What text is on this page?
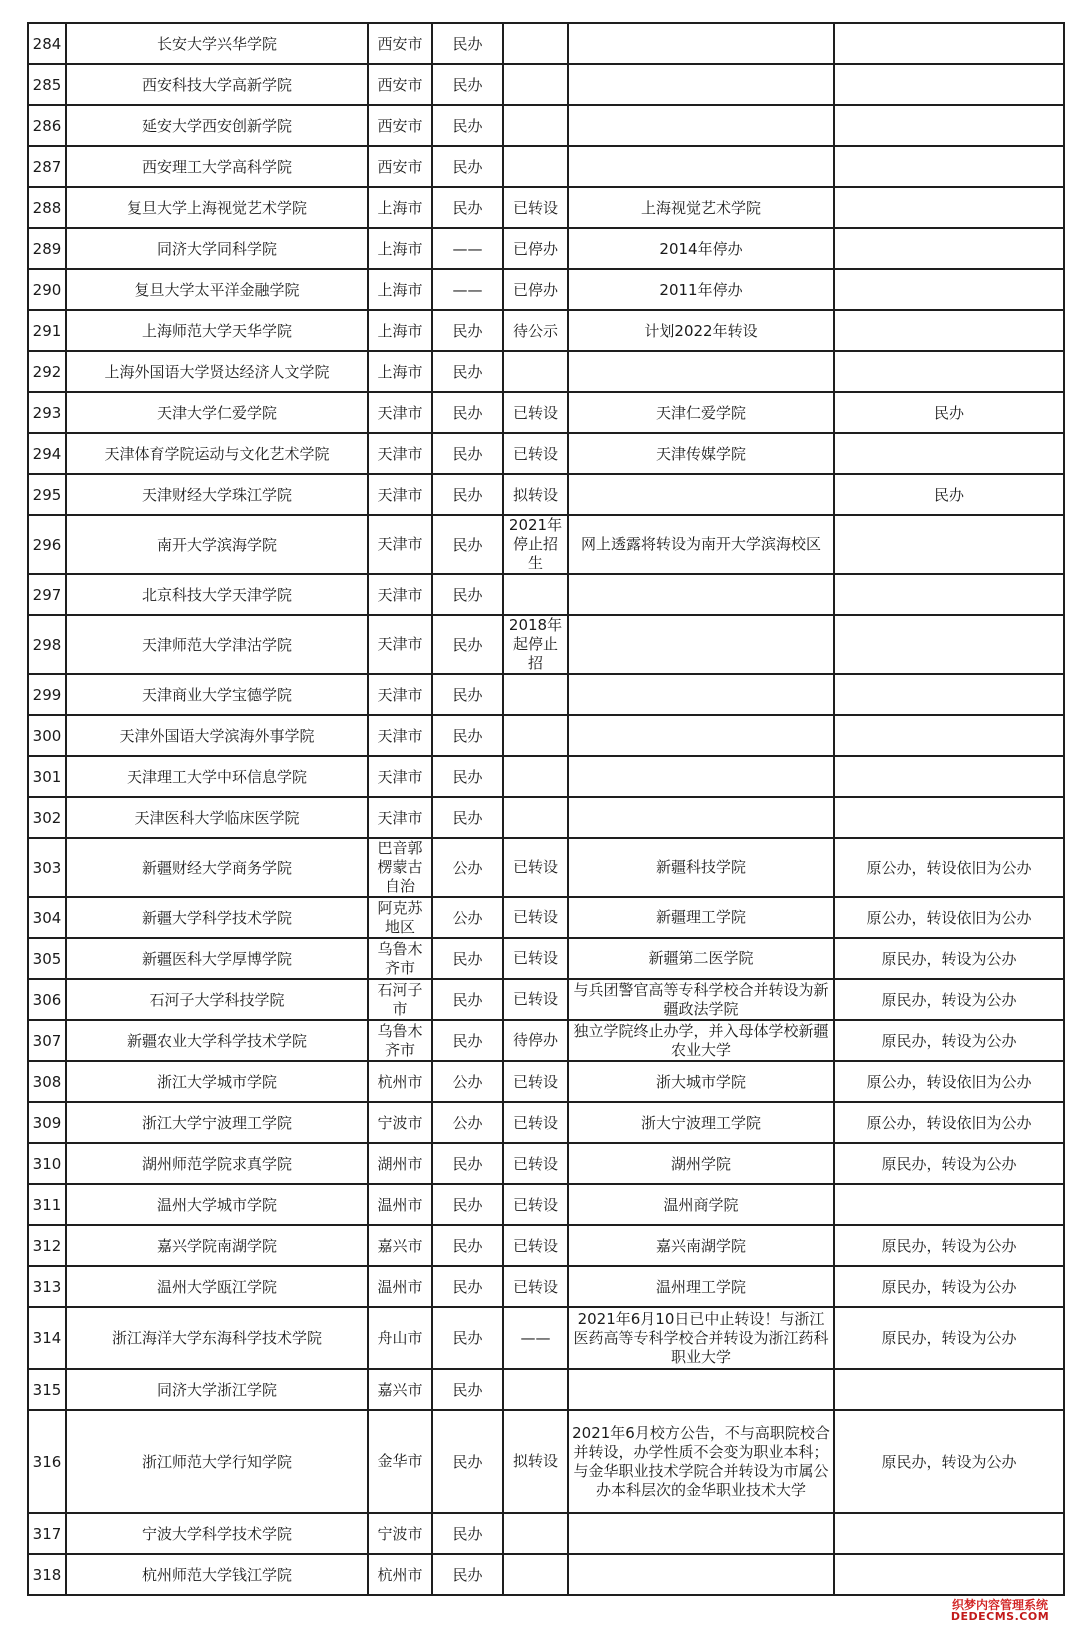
284	长安大学兴华学院	西安市	民办			
285	西安科技大学高新学院	西安市	民办			
286	延安大学西安创新学院	西安市	民办			
287	西安理工大学高科学院	西安市	民办			
288	复旦大学上海视觉艺术学院	上海市	民办	已转设	上海视觉艺术学院	
289	同济大学同科学院	上海市	——	已停办	2014年停办	
290	复旦大学太平洋金融学院	上海市	——	已停办	2011年停办	
291	上海师范大学天华学院	上海市	民办	待公示	计划2022年转设	
292	上海外国语大学贤达经济人文学院	上海市	民办			
293	天津大学仁爱学院	天津市	民办	已转设	天津仁爱学院	民办
294	天津体育学院运动与文化艺术学院	天津市	民办	已转设	天津传媒学院	
295	天津财经大学珠江学院	天津市	民办	拟转设		民办
296	南开大学滨海学院	天津市	民办	2021年停止招生	网上透露将转设为南开大学滨海校区	
297	北京科技大学天津学院	天津市	民办			
298	天津师范大学津沽学院	天津市	民办	2018年起停止招		
299	天津商业大学宝德学院	天津市	民办			
300	天津外国语大学滨海外事学院	天津市	民办			
301	天津理工大学中环信息学院	天津市	民办			
302	天津医科大学临床医学院	天津市	民办			
303	新疆财经大学商务学院	巴音郭楞蒙古自治	公办	已转设	新疆科技学院	原公办，转设依旧为公办
304	新疆大学科学技术学院	阿克苏地区	公办	已转设	新疆理工学院	原公办，转设依旧为公办
305	新疆医科大学厚博学院	乌鲁木齐市	民办	已转设	新疆第二医学院	原民办，转设为公办
306	石河子大学科技学院	石河子市	民办	已转设	与兵团警官高等专科学校合并转设为新疆政法学院	原民办，转设为公办
307	新疆农业大学科学技术学院	乌鲁木齐市	民办	待停办	独立学院终止办学，并入母体学校新疆农业大学	原民办，转设为公办
308	浙江大学城市学院	杭州市	公办	已转设	浙大城市学院	原公办，转设依旧为公办
309	浙江大学宁波理工学院	宁波市	公办	已转设	浙大宁波理工学院	原公办，转设依旧为公办
310	湖州师范学院求真学院	湖州市	民办	已转设	湖州学院	原民办，转设为公办
311	温州大学城市学院	温州市	民办	已转设	温州商学院	
312	嘉兴学院南湖学院	嘉兴市	民办	已转设	嘉兴南湖学院	原民办，转设为公办
313	温州大学瓯江学院	温州市	民办	已转设	温州理工学院	原民办，转设为公办
314	浙江海洋大学东海科学技术学院	舟山市	民办	——	2021年6月10日已中止转设！与浙江医药高等专科学校合并转设为浙江药科职业大学	原民办，转设为公办
315	同济大学浙江学院	嘉兴市	民办			
316	浙江师范大学行知学院	金华市	民办	拟转设	2021年6月校方公告，不与高职院校合并转设，办学性质不会变为职业本科；与金华职业技术学院合并转设为市属公办本科层次的金华职业技术大学	原民办，转设为公办
317	宁波大学科学技术学院	宁波市	民办			
318	杭州师范大学钱江学院	杭州市	民办			
织梦内容管理系统
DEDECMS.COM
